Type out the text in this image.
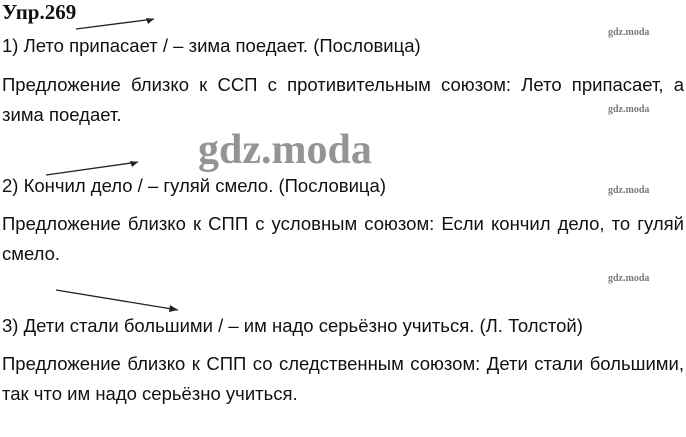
Упр.269
gdz.moda
1) Лето припасает / – зима поедает. (Пословица)
Предложение близко к ССП с противительным союзом: Лето припасает, а зима поедает.	gdz.moda
gdz.moda
2) Кончил дело / – гуляй смело. (Пословица)	gdz.moda
Предложение близко к СПП с условным союзом: Если кончил дело, то гуляй смело.
gdz.moda
3) Дети стали большими / – им надо серьёзно учиться. (Л. Толстой)
Предложение близко к СПП со следственным союзом: Дети стали большими, так что им надо серьёзно учиться.
